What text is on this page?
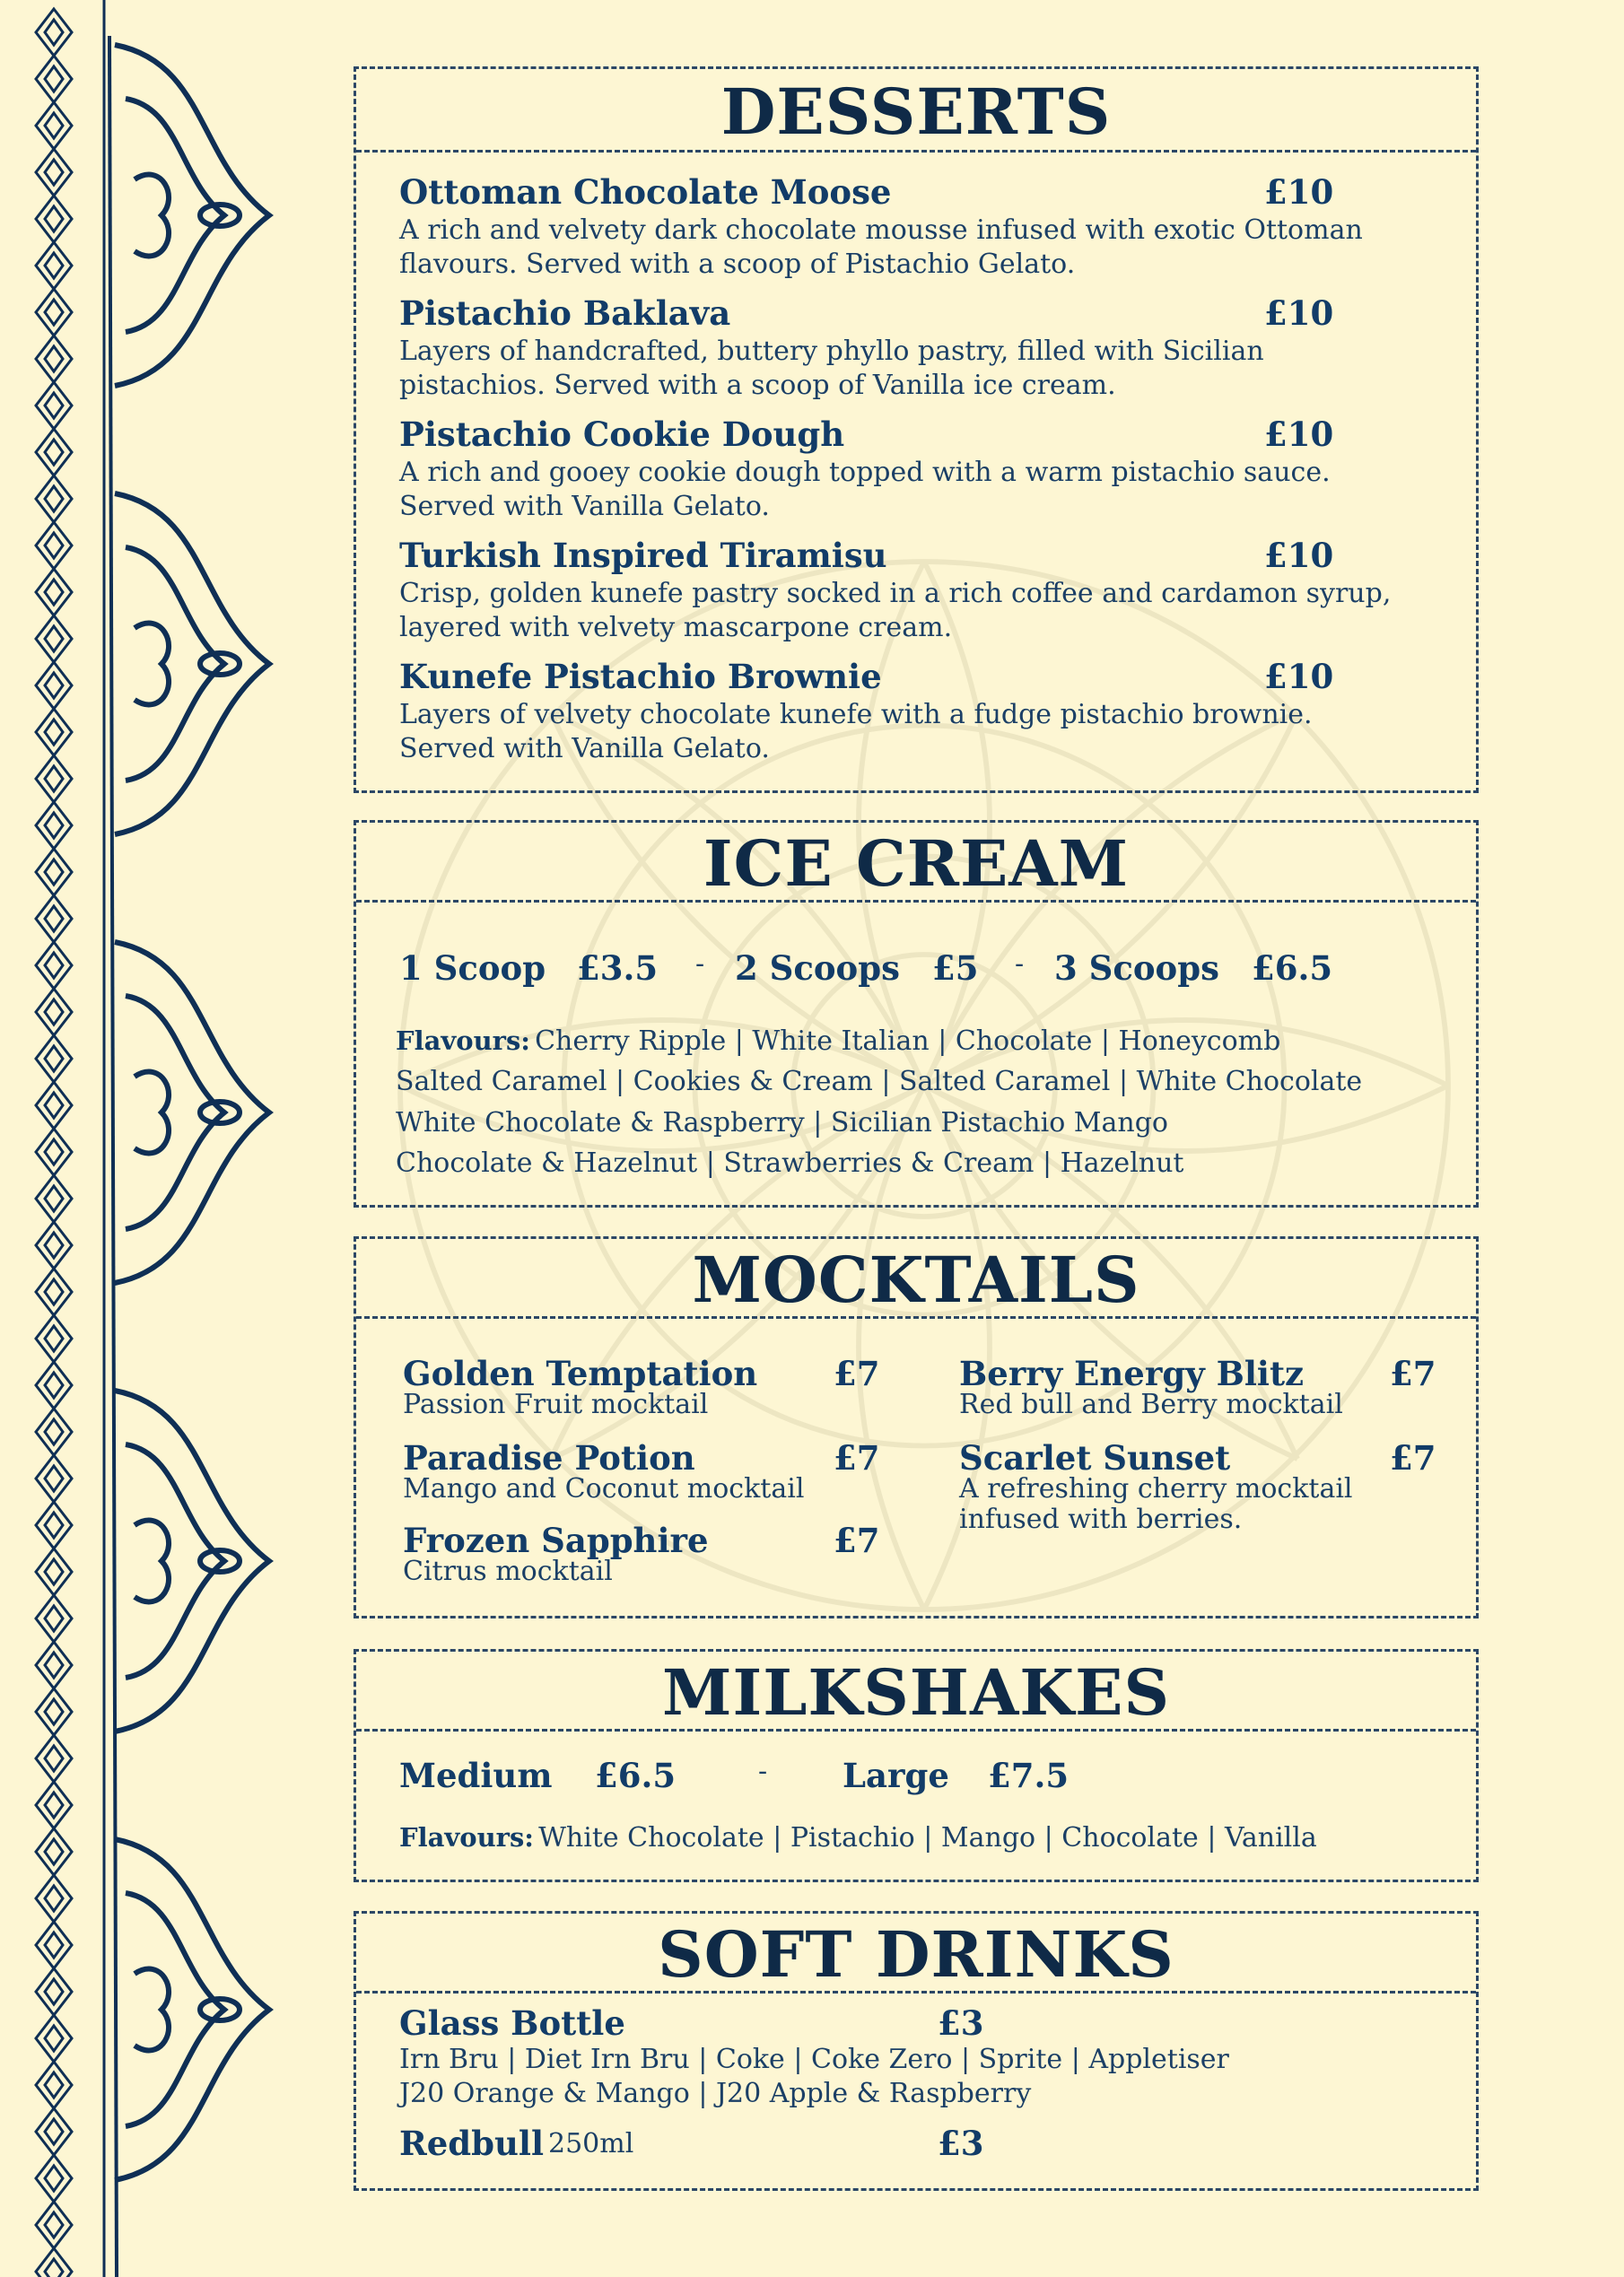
DESSERTS
Ottoman Chocolate Moose	£10
A rich and velvety dark chocolate mousse infused with exotic Ottoman
flavours. Served with a scoop of Pistachio Gelato.
Pistachio Baklava	£10
Layers of handcrafted, buttery phyllo pastry, filled with Sicilian
pistachios. Served with a scoop of Vanilla ice cream.
Pistachio Cookie Dough	£10
A rich and gooey cookie dough topped with a warm pistachio sauce.
Served with Vanilla Gelato.
Turkish Inspired Tiramisu	£10
Crisp, golden kunefe pastry socked in a rich coffee and cardamon syrup,
layered with velvety mascarpone cream.
Kunefe Pistachio Brownie	£10
Layers of velvety chocolate kunefe with a fudge pistachio brownie.
Served with Vanilla Gelato.
ICE CREAM
1 Scoop £3.5 - 2 Scoops £5 - 3 Scoops £6.5
Flavours: Cherry Ripple | White Italian | Chocolate | Honeycomb
Salted Caramel | Cookies & Cream | Salted Caramel | White Chocolate
White Chocolate & Raspberry | Sicilian Pistachio Mango
Chocolate & Hazelnut | Strawberries & Cream | Hazelnut
MOCKTAILS
Golden Temptation £7
Passion Fruit mocktail
Paradise Potion	£7
Mango and Coconut mocktail
Frozen Sapphire	£7
Citrus mocktail
Berry Energy Blitz	£7
Red bull and Berry mocktail
Scarlet Sunset	£7
A refreshing cherry mocktail
infused with berries.
MILKSHAKES
Medium £6.5	- Large £7.5
Flavours: White Chocolate | Pistachio | Mango | Chocolate | Vanilla
SOFT DRINKS
Glass Bottle	£3
Irn Bru | Diet Irn Bru | Coke | Coke Zero | Sprite | Appletiser
J20 Orange & Mango | J20 Apple & Raspberry
Redbull 250ml	£3
